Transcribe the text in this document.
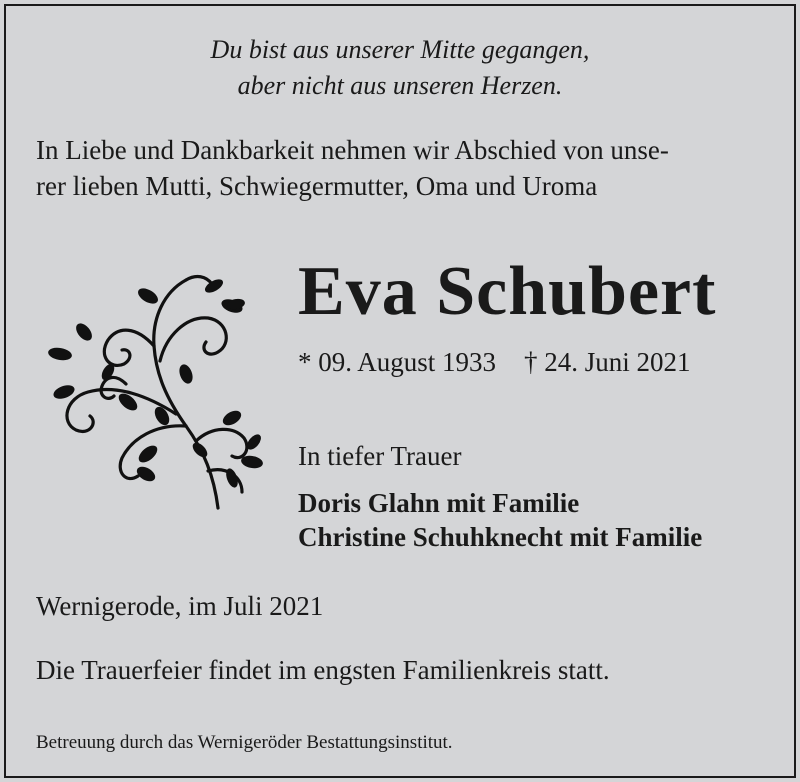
Du bist aus unserer Mitte gegangen,
aber nicht aus unseren Herzen.
In Liebe und Dankbarkeit nehmen wir Abschied von unse-
rer lieben Mutti, Schwiegermutter, Oma und Uroma
Eva Schubert
* 09. August 1933 † 24. Juni 2021
In tiefer Trauer
Doris Glahn mit Familie
Christine Schuhknecht mit Familie
Wernigerode, im Juli 2021
Die Trauerfeier findet im engsten Familienkreis statt.
Betreuung durch das Wernigeröder Bestattungsinstitut.
